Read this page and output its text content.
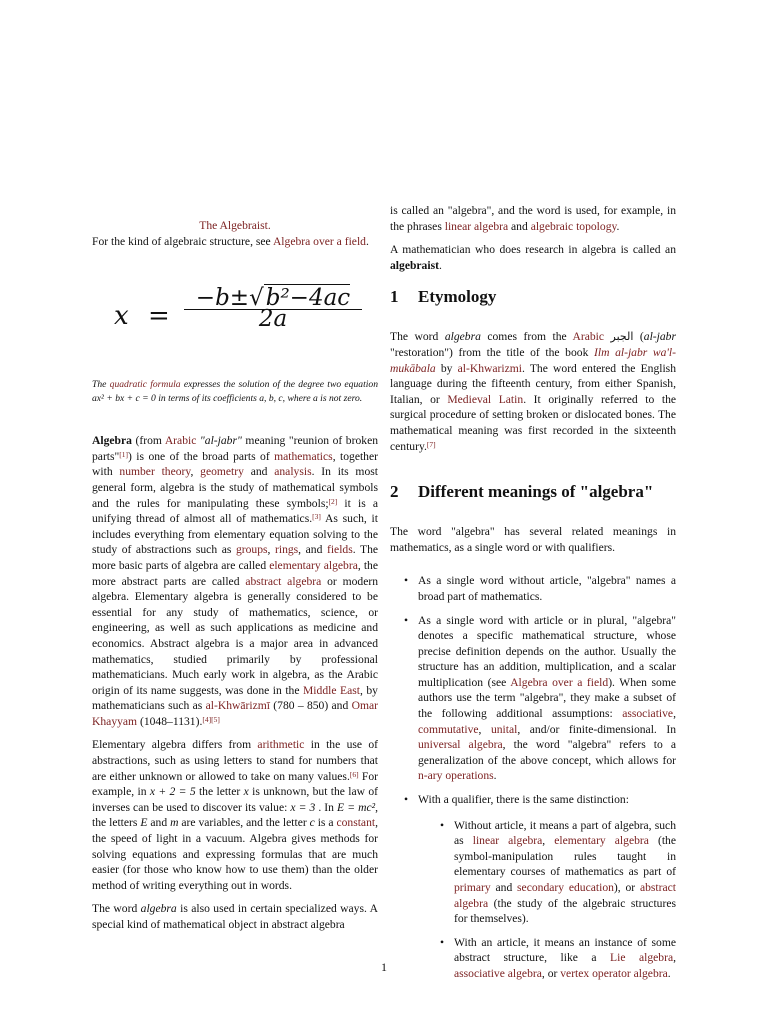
The Algebraist.

For the kind of algebraic structure, see Algebra over a field.

x =
−b±√b²−4ac
2a

The quadratic formula expresses the solution of the degree two equation ax² + bx + c = 0 in terms of its coefficients a, b, c, where a is not zero.

Algebra (from Arabic "al-jabr" meaning "reunion of broken parts"[1]) is one of the broad parts of mathematics, together with number theory, geometry and analysis. In its most general form, algebra is the study of mathematical symbols and the rules for manipulating these symbols;[2] it is a unifying thread of almost all of mathematics.[3] As such, it includes everything from elementary equation solving to the study of abstractions such as groups, rings, and fields. The more basic parts of algebra are called elementary algebra, the more abstract parts are called abstract algebra or modern algebra. Elementary algebra is generally considered to be essential for any study of mathematics, science, or engineering, as well as such applications as medicine and economics. Abstract algebra is a major area in advanced mathematics, studied primarily by professional mathematicians. Much early work in algebra, as the Arabic origin of its name suggests, was done in the Middle East, by mathematicians such as al-Khwārizmī (780 – 850) and Omar Khayyam (1048–1131).[4][5]

Elementary algebra differs from arithmetic in the use of abstractions, such as using letters to stand for numbers that are either unknown or allowed to take on many values.[6] For example, in x + 2 = 5 the letter x is unknown, but the law of inverses can be used to discover its value: x = 3 . In E = mc², the letters E and m are variables, and the letter c is a constant, the speed of light in a vacuum. Algebra gives methods for solving equations and expressing formulas that are much easier (for those who know how to use them) than the older method of writing everything out in words.

The word algebra is also used in certain specialized ways. A special kind of mathematical object in abstract algebra

is called an "algebra", and the word is used, for example, in the phrases linear algebra and algebraic topology.

A mathematician who does research in algebra is called an algebraist.

1 Etymology

The word algebra comes from the Arabic الجبر (al-jabr "restoration") from the title of the book Ilm al-jabr wa'l-mukābala by al-Khwarizmi. The word entered the English language during the fifteenth century, from either Spanish, Italian, or Medieval Latin. It originally referred to the surgical procedure of setting broken or dislocated bones. The mathematical meaning was first recorded in the sixteenth century.[7]

2 Different meanings of "algebra"

The word "algebra" has several related meanings in mathematics, as a single word or with qualifiers.

• As a single word without article, "algebra" names a broad part of mathematics.
• As a single word with article or in plural, "algebra" denotes a specific mathematical structure, whose precise definition depends on the author. Usually the structure has an addition, multiplication, and a scalar multiplication (see Algebra over a field). When some authors use the term "algebra", they make a subset of the following additional assumptions: associative, commutative, unital, and/or finite-dimensional. In universal algebra, the word "algebra" refers to a generalization of the above concept, which allows for n-ary operations.
• With a qualifier, there is the same distinction:
• Without article, it means a part of algebra, such as linear algebra, elementary algebra (the symbol-manipulation rules taught in elementary courses of mathematics as part of primary and secondary education), or abstract algebra (the study of the algebraic structures for themselves).
• With an article, it means an instance of some abstract structure, like a Lie algebra, associative algebra, or vertex operator algebra.
1
